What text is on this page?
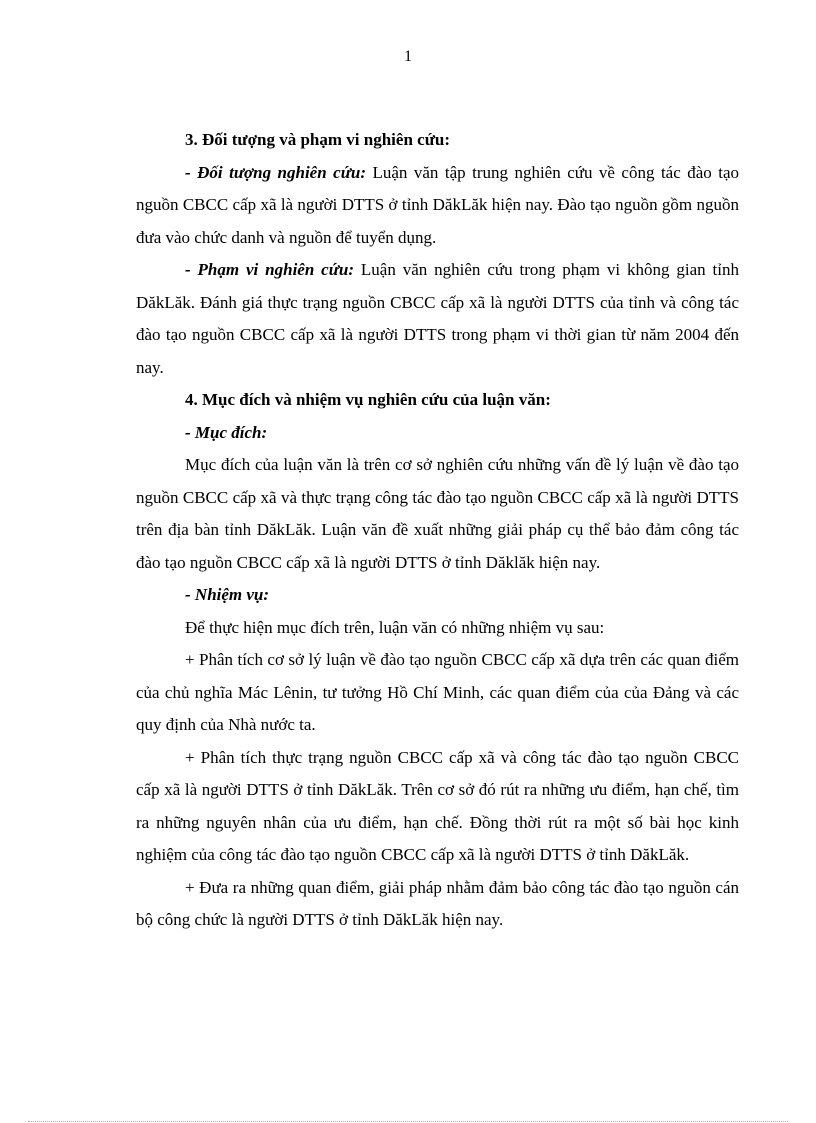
1

3. Đối tượng và phạm vi nghiên cứu:

- Đối tượng nghiên cứu: Luận văn tập trung nghiên cứu về công tác đào tạo nguồn CBCC cấp xã là người DTTS ở tỉnh DăkLăk hiện nay. Đào tạo nguồn gồm nguồn đưa vào chức danh và nguồn để tuyển dụng.

- Phạm vi nghiên cứu: Luận văn nghiên cứu trong phạm vi không gian tỉnh DăkLăk. Đánh giá thực trạng nguồn CBCC cấp xã là người DTTS của tỉnh và công tác đào tạo nguồn CBCC cấp xã là người DTTS trong phạm vi thời gian từ năm 2004 đến nay.

4. Mục đích và nhiệm vụ nghiên cứu của luận văn:

- Mục đích:

Mục đích của luận văn là trên cơ sở nghiên cứu những vấn đề lý luận về đào tạo nguồn CBCC cấp xã và thực trạng công tác đào tạo nguồn CBCC cấp xã là người DTTS trên địa bàn tỉnh DăkLăk. Luận văn đề xuất những giải pháp cụ thể bảo đảm công tác đào tạo nguồn CBCC cấp xã là người DTTS ở tỉnh Dăklăk hiện nay.

- Nhiệm vụ:

Để thực hiện mục đích trên, luận văn có những nhiệm vụ sau:

+ Phân tích cơ sở lý luận về đào tạo nguồn CBCC cấp xã dựa trên các quan điểm của chủ nghĩa Mác Lênin, tư tưởng Hồ Chí Minh, các quan điểm của của Đảng và các quy định của Nhà nước ta.

+ Phân tích thực trạng nguồn CBCC cấp xã và công tác đào tạo nguồn CBCC cấp xã là người DTTS ở tỉnh DăkLăk. Trên cơ sở đó rút ra những ưu điểm, hạn chế, tìm ra những nguyên nhân của ưu điểm, hạn chế. Đồng thời rút ra một số bài học kinh nghiệm của công tác đào tạo nguồn CBCC cấp xã là người DTTS ở tỉnh DăkLăk.

+ Đưa ra những quan điểm, giải pháp nhằm đảm bảo công tác đào tạo nguồn cán bộ công chức là người DTTS ở tỉnh DăkLăk hiện nay.
